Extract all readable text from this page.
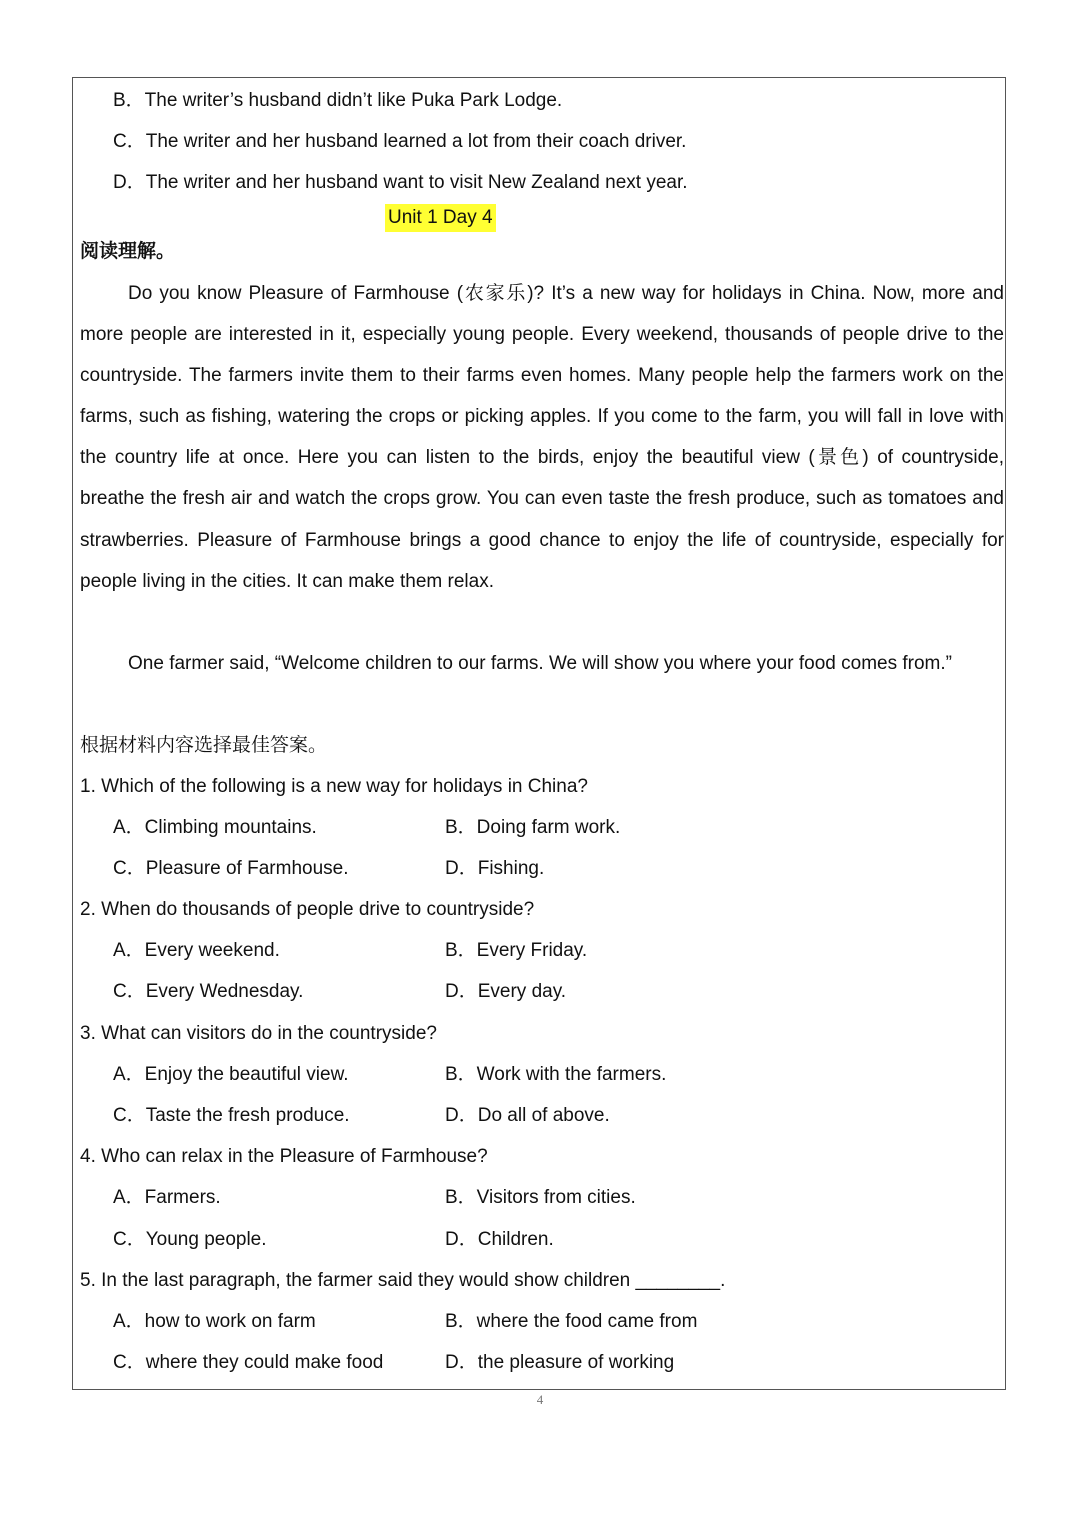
B．The writer’s husband didn’t like Puka Park Lodge.
C．The writer and her husband learned a lot from their coach driver.
D．The writer and her husband want to visit New Zealand next year.
Unit 1 Day 4
阅读理解。
Do you know Pleasure of Farmhouse (农家乐)? It’s a new way for holidays in China. Now, more and more people are interested in it, especially young people. Every weekend, thousands of people drive to the countryside. The farmers invite them to their farms even homes. Many people help the farmers work on the farms, such as fishing, watering the crops or picking apples. If you come to the farm, you will fall in love with the country life at once. Here you can listen to the birds, enjoy the beautiful view (景色) of countryside, breathe the fresh air and watch the crops grow. You can even taste the fresh produce, such as tomatoes and strawberries. Pleasure of Farmhouse brings a good chance to enjoy the life of countryside, especially for people living in the cities. It can make them relax.
One farmer said, “Welcome children to our farms. We will show you where your food comes from.”
根据材料内容选择最佳答案。
1. Which of the following is a new way for holidays in China?
A．Climbing mountains.	B．Doing farm work.
C．Pleasure of Farmhouse.	D．Fishing.
2. When do thousands of people drive to countryside?
A．Every weekend.	B．Every Friday.
C．Every Wednesday.	D．Every day.
3. What can visitors do in the countryside?
A．Enjoy the beautiful view.	B．Work with the farmers.
C．Taste the fresh produce.	D．Do all of above.
4. Who can relax in the Pleasure of Farmhouse?
A．Farmers.	B．Visitors from cities.
C．Young people.	D．Children.
5. In the last paragraph, the farmer said they would show children ________.
A．how to work on farm	B．where the food came from
C．where they could make food	D．the pleasure of working
4
